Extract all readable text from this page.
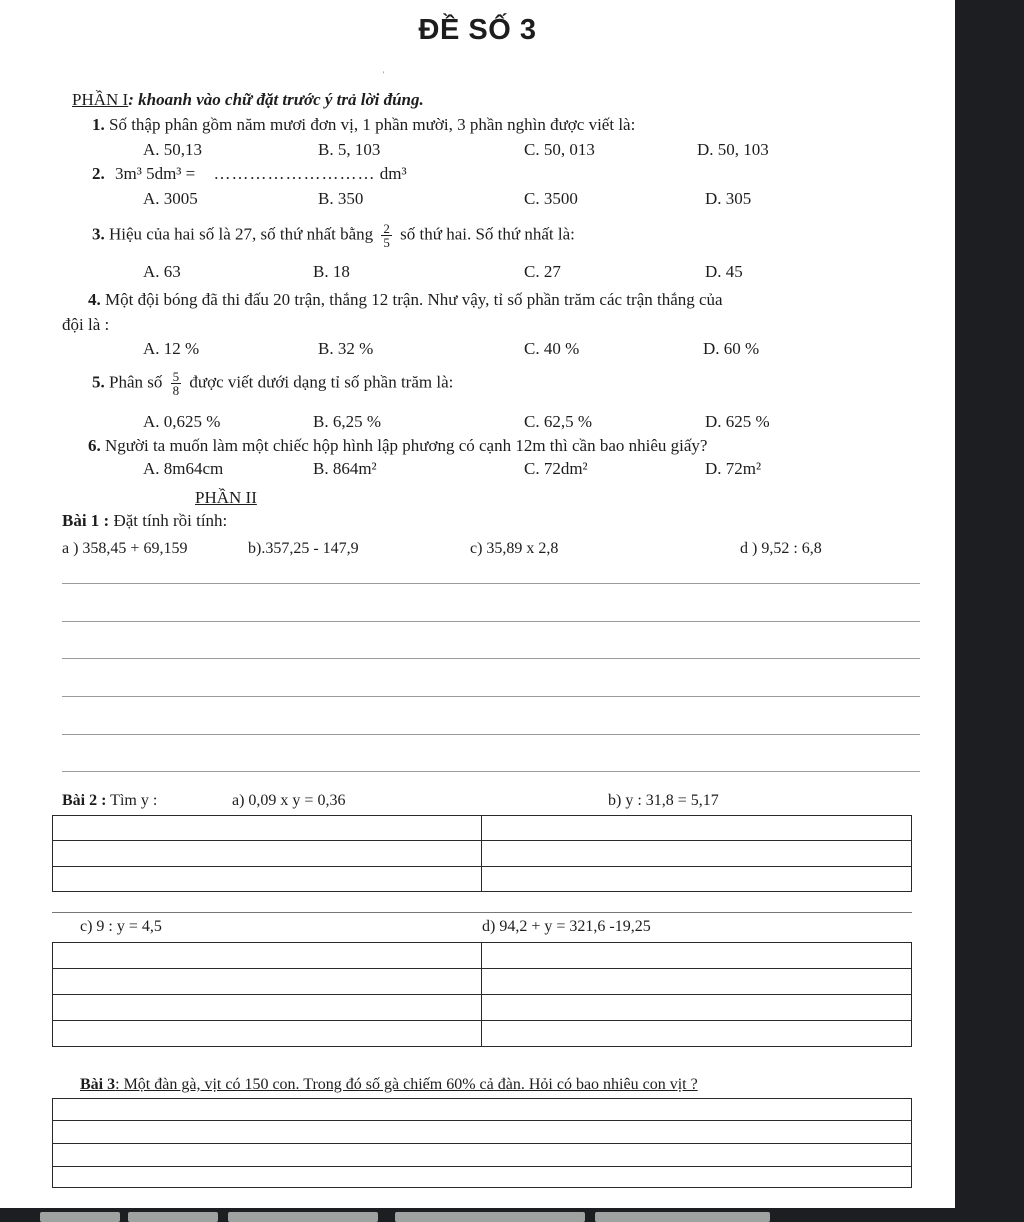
'
ĐỀ SỐ 3
PHẦN I: khoanh vào chữ đặt trước ý trả lời đúng.
1. Số thập phân gồm năm mươi đơn vị, 1 phần mười, 3 phần nghìn được viết là:
A. 50,13	B. 5, 103	C. 50, 013	D. 50, 103
2. 3m³ 5dm³ = ……………………… dm³
A. 3005	B. 350	C. 3500	D. 305
3. Hiệu của hai số là 27, số thứ nhất bằng $\frac{2}{5}$ số thứ hai. Số thứ nhất là:
A. 63	B. 18	C. 27	D. 45
4. Một đội bóng đã thi đấu 20 trận, thắng 12 trận. Như vậy, tỉ số phần trăm các trận thắng của
đội là :
A. 12 %	B. 32 %	C. 40 %	D. 60 %
5. Phân số $\frac{5}{8}$ được viết dưới dạng tỉ số phần trăm là:
A. 0,625 %	B. 6,25 %	C. 62,5 %	D. 625 %
6. Người ta muốn làm một chiếc hộp hình lập phương có cạnh 12m thì cần bao nhiêu giấy?
A. 8m64cm	B. 864m²	C. 72dm²	D. 72m²
PHẦN II
Bài 1 : Đặt tính rồi tính:
a ) 358,45 + 69,159	b).357,25 - 147,9	c) 35,89 x 2,8	d ) 9,52 : 6,8
Bài 2 : Tìm y :	a) 0,09 x y = 0,36	b) y : 31,8 = 5,17
c) 9 : y = 4,5	d) 94,2 + y = 321,6 -19,25
Bài 3: Một đàn gà, vịt có 150 con. Trong đó số gà chiếm 60% cả đàn. Hỏi có bao nhiêu con vịt ?
